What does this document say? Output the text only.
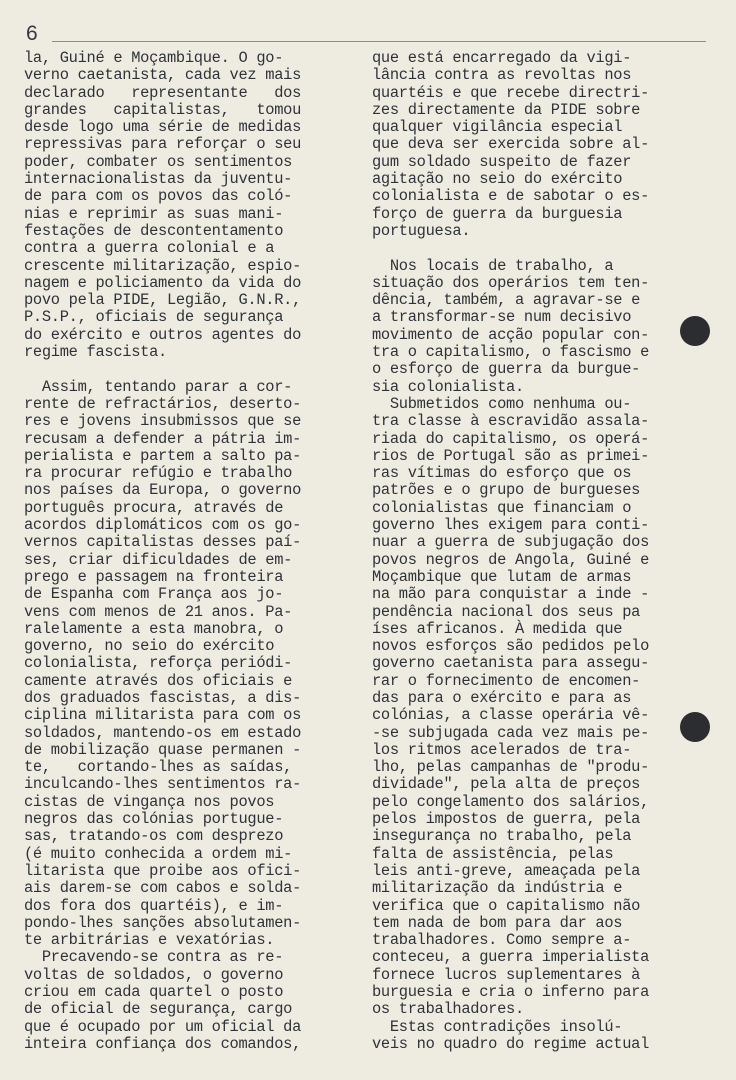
6
la, Guiné e Moçambique. O go-
verno caetanista, cada vez mais
declarado   representante   dos
grandes   capitalistas,   tomou
desde logo uma série de medidas
repressivas para reforçar o seu
poder, combater os sentimentos
internacionalistas da juventu-
de para com os povos das coló-
nias e reprimir as suas mani-
festações de descontentamento
contra a guerra colonial e a
crescente militarização, espio-
nagem e policiamento da vida do
povo pela PIDE, Legião, G.N.R.,
P.S.P., oficiais de segurança
do exército e outros agentes do
regime fascista.
Assim, tentando parar a cor-
rente de refractários, deserto-
res e jovens insubmissos que se
recusam a defender a pátria im-
perialista e partem a salto pa-
ra procurar refúgio e trabalho
nos países da Europa, o governo
português procura, através de
acordos diplomáticos com os go-
vernos capitalistas desses paí-
ses, criar dificuldades de em-
prego e passagem na fronteira
de Espanha com França aos jo-
vens com menos de 21 anos. Pa-
ralelamente a esta manobra, o
governo, no seio do exército
colonialista, reforça periódi-
camente através dos oficiais e
dos graduados fascistas, a dis-
ciplina militarista para com os
soldados, mantendo-os em estado
de mobilização quase permanen -
te,   cortando-lhes as saídas,
inculcando-lhes sentimentos ra-
cistas de vingança nos povos
negros das colónias portugue-
sas, tratando-os com desprezo
(é muito conhecida a ordem mi-
litarista que proibe aos ofici-
ais darem-se com cabos e solda-
dos fora dos quartéis), e im-
pondo-lhes sanções absolutamen-
te arbitrárias e vexatórias.
Precavendo-se contra as re-
voltas de soldados, o governo
criou em cada quartel o posto
de oficial de segurança, cargo
que é ocupado por um oficial da
inteira confiança dos comandos,
que está encarregado da vigi-
lância contra as revoltas nos
quartéis e que recebe directri-
zes directamente da PIDE sobre
qualquer vigilância especial
que deva ser exercida sobre al-
gum soldado suspeito de fazer
agitação no seio do exército
colonialista e de sabotar o es-
forço de guerra da burguesia
portuguesa.
Nos locais de trabalho, a
situação dos operários tem ten-
dência, também, a agravar-se e
a transformar-se num decisivo
movimento de acção popular con-
tra o capitalismo, o fascismo e
o esforço de guerra da burgue-
sia colonialista.
Submetidos como nenhuma ou-
tra classe à escravidão assala-
riada do capitalismo, os operá-
rios de Portugal são as primei-
ras vítimas do esforço que os
patrões e o grupo de burgueses
colonialistas que financiam o
governo lhes exigem para conti-
nuar a guerra de subjugação dos
povos negros de Angola, Guiné e
Moçambique que lutam de armas
na mão para conquistar a inde -
pendência nacional dos seus pa
íses africanos. À medida que
novos esforços são pedidos pelo
governo caetanista para assegu-
rar o fornecimento de encomen-
das para o exército e para as
colónias, a classe operária vê-
-se subjugada cada vez mais pe-
los ritmos acelerados de tra-
lho, pelas campanhas de "produ-
dividade", pela alta de preços
pelo congelamento dos salários,
pelos impostos de guerra, pela
insegurança no trabalho, pela
falta de assistência, pelas
leis anti-greve, ameaçada pela
militarização da indústria e
verifica que o capitalismo não
tem nada de bom para dar aos
trabalhadores. Como sempre a-
conteceu, a guerra imperialista
fornece lucros suplementares à
burguesia e cria o inferno para
os trabalhadores.
Estas contradições insolú-
veis no quadro do regime actual
